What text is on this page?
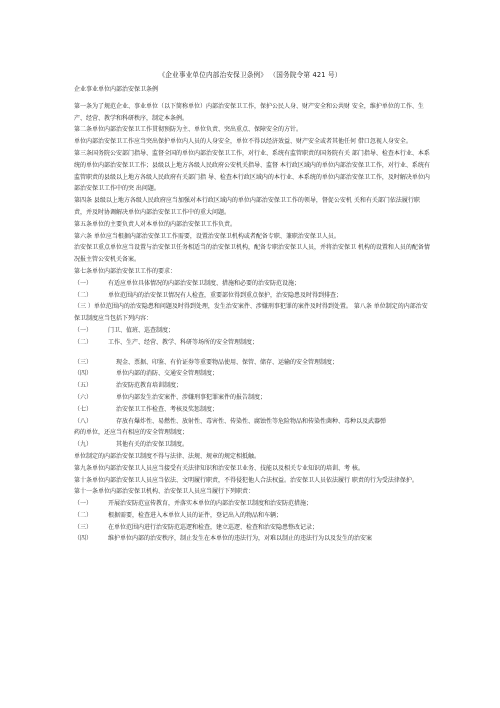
《企业事业单位内部治安保卫条例》 （国务院令第 421 号）

企业事业单位内部治安保卫条例

第一条为了规范企业、事业单位（以下简称单位）内部治安保卫工作，保护公民人身、财产安全和公共财 安全，维护单位的工作、生产、经营、教学和科研秩序，制定本条例。

第二条单位内部治安保卫工作贯彻预防为主、单位负责、突出重点、保障安全的方针。

单位内部治安保卫工作应当突出保护单位内人员的人身安全，单位不得以经济效益、财产安全或者其他任何 借口忽视人身安全。

第三条国务院公安部门指导、监督全国的单位内部治安保卫工作，对行业、系统有监管职责的国务院有关 部门指导、检查本行业、本系统的单位内部治安保卫工作；县级以上地方各级人民政府公安机关指导、监督 本行政区域内的单位内部治安保卫工作，对行业、系统有监管职责的县级以上地方各级人民政府有关部门指 导、检查本行政区域内的本行业、本系统的单位内部治安保卫工作，及时解决单位内部治安保卫工作中的突 出问题。

第四条 县级以上地方各级人民政府应当加强对本行政区域内的单位内部治安保卫工作的领导，督促公安机 关和有关部门依法履行职责，并及时协调解决单位内部治安保卫工作中的重大问题。

第五条单位的主要负责人对本单位的内部治安保卫工作负责。

第六条 单位应当根据内部治安保卫工作需要，设置治安保卫机构或者配备专职、兼职治安保卫人员。

治安保卫重点单位应当设置与治安保卫任务相适当的治安保卫机构，配备专职治安保卫人员，并将治安保卫 机构的设置和人员的配备情况报主管公安机关备案。

第七条单位内部治安保卫工作的要求：

（一）	有适应单位具体情况的内部治安保卫制度、措施和必要的治安防范设施；
（二）	单位范围内的治安保卫情况有人检查，重要部位得到重点保护，治安隐患及时得到排查；

（三 ）单位范围内的治安隐患和问题及时得到处理，发生治安案件、涉嫌刑事犯罪的案件及时得到处置。 第八条 单位制定的内部治安保卫制度应当包括下列内容：

（一）	门卫、值班、巡查制度；
（二）	工作、生产、经营、教学、科研等场所的安全管理制度；
（三）	现金、票据、印鉴、有价证券等重要物品使用、保管、储存、运输的安全管理制度；
（四）	单位内部的消防、交通安全管理制度；
（五）	治安防范教育培训制度；
（六）	单位内部发生治安案件、涉嫌刑事犯罪案件的报告制度；
（七）	治安保卫工作检查、考核及奖惩制度；
（八）	存放有爆炸性、易燃性、放射性、毒害性、传染性、腐蚀性等危险物品和传染性菌种、毒种以及武器弹

药的单位，还应当有相应的安全管理制度；

（九）	其他有关的治安保卫制度。

单位制定的内部治安保卫制度不得与法律、法规、规章的规定相抵触。

第九条单位内部治安保卫人员应当接受有关法律知识和治安保卫业务、技能以及相关专业知识的培训、考 核。

第十条单位内部治安保卫人员应当依法、文明履行职责，不得侵犯他人合法权益。治安保卫人员依法履行 职责的行为受法律保护。

第十一条单位内部治安保卫机构、治安保卫人员应当履行下列职责：

（一）	开展治安防范宣传教育，并落实本单位的内部治安保卫制度和治安防范措施；
（二）	根据需要，检查进入本单位人员的证件，登记出入的物品和车辆；
（三）	在单位范围内进行治安防范巡逻和检查，建立巡逻、检查和治安隐患整改记录；
（四）	维护单位内部的治安秩序，制止发生在本单位的违法行为，对难以制止的违法行为以及发生的治安案
